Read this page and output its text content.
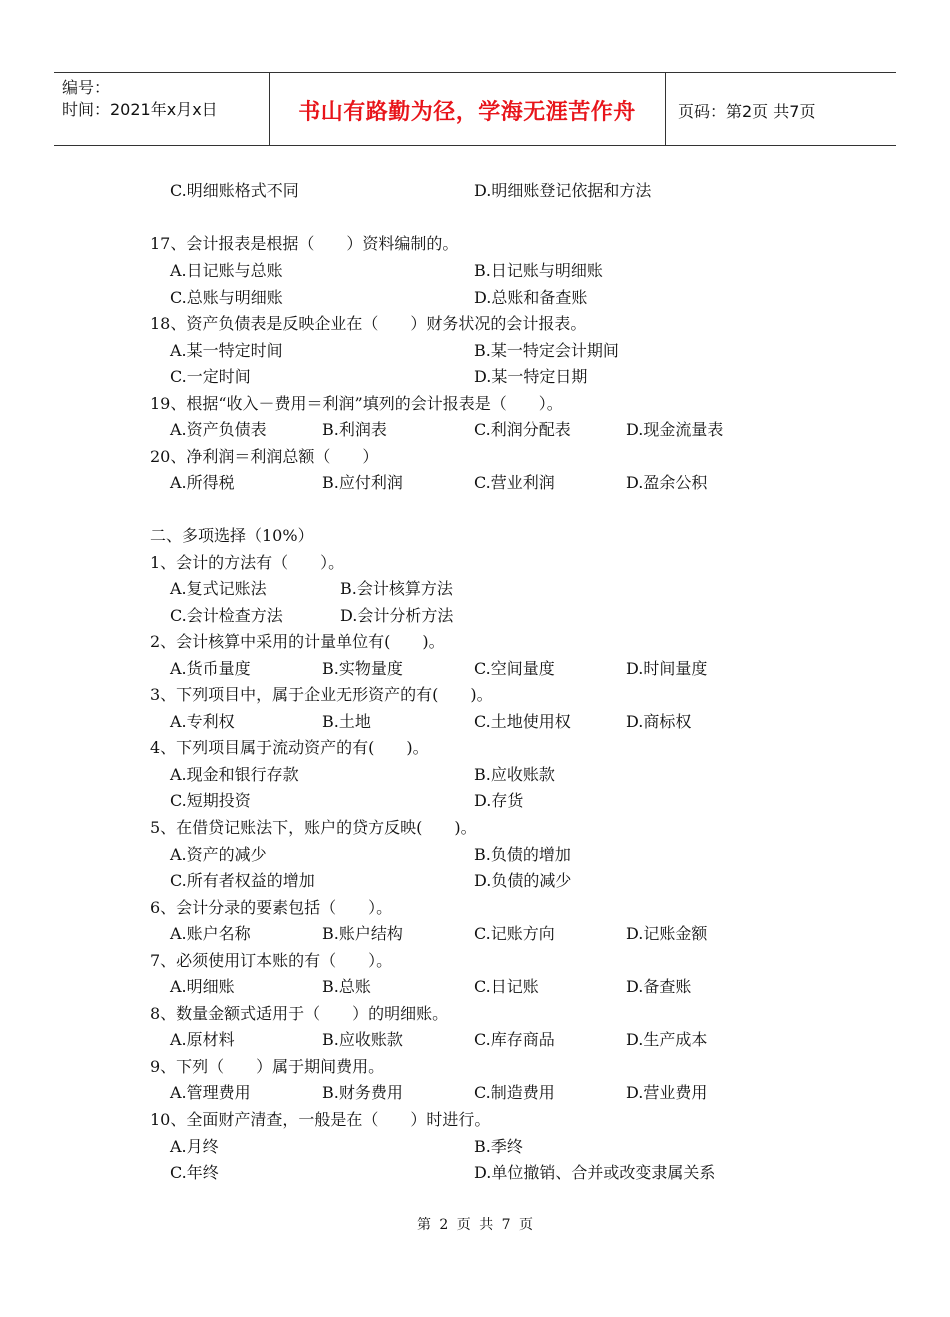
编号：
时间：2021年x月x日	书山有路勤为径，学海无涯苦作舟	页码：第2页 共7页
C.明细账格式不同	D.明细账登记依据和方法
17、会计报表是根据（　　）资料编制的。
A.日记账与总账	B.日记账与明细账
C.总账与明细账	D.总账和备查账
18、资产负债表是反映企业在（　　）财务状况的会计报表。
A.某一特定时间	B.某一特定会计期间
C.一定时间	D.某一特定日期
19、根据“收入－费用＝利润”填列的会计报表是（　　）。
A.资产负债表	B.利润表	C.利润分配表	D.现金流量表
20、净利润＝利润总额（　　）
A.所得税	B.应付利润	C.营业利润	D.盈余公积
二、多项选择（10%）
1、会计的方法有（　　）。
A.复式记账法	B.会计核算方法
C.会计检查方法	D.会计分析方法
2、会计核算中采用的计量单位有(　　)。
A.货币量度	B.实物量度	C.空间量度	D.时间量度
3、下列项目中，属于企业无形资产的有(　　)。
A.专利权	B.土地	C.土地使用权	D.商标权
4、下列项目属于流动资产的有(　　)。
A.现金和银行存款	B.应收账款
C.短期投资	D.存货
5、在借贷记账法下，账户的贷方反映(　　)。
A.资产的减少	B.负债的增加
C.所有者权益的增加	D.负债的减少
6、会计分录的要素包括（　　）。
A.账户名称	B.账户结构	C.记账方向	D.记账金额
7、必须使用订本账的有（　　）。
A.明细账	B.总账	C.日记账	D.备查账
8、数量金额式适用于（　　）的明细账。
A.原材料	B.应收账款	C.库存商品	D.生产成本
9、下列（　　）属于期间费用。
A.管理费用	B.财务费用	C.制造费用	D.营业费用
10、全面财产清查，一般是在（　　）时进行。
A.月终	B.季终
C.年终	D.单位撤销、合并或改变隶属关系
第 2 页 共 7 页
